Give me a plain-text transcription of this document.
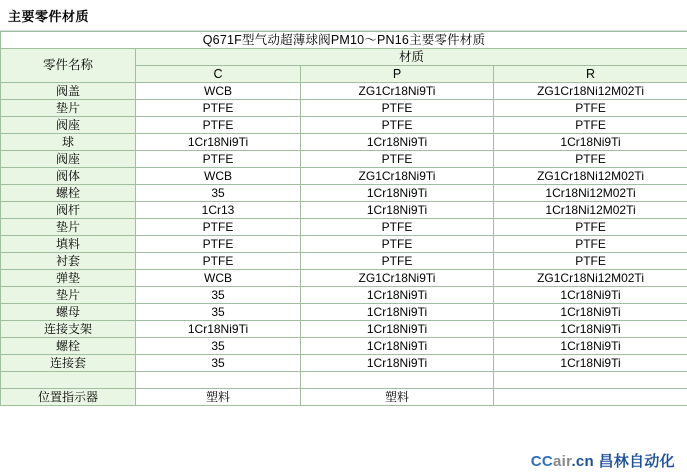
主要零件材质
Q671F型气动超薄球阀PM10～PN16主要零件材质			
零件名称	材质		
	C	P	R
阀盖	WCB	ZG1Cr18Ni9Ti	ZG1Cr18Ni12M02Ti
垫片	PTFE	PTFE	PTFE
阀座	PTFE	PTFE	PTFE
球	1Cr18Ni9Ti	1Cr18Ni9Ti	1Cr18Ni9Ti
阀座	PTFE	PTFE	PTFE
阀体	WCB	ZG1Cr18Ni9Ti	ZG1Cr18Ni12M02Ti
螺栓	35	1Cr18Ni9Ti	1Cr18Ni12M02Ti
阀杆	1Cr13	1Cr18Ni9Ti	1Cr18Ni12M02Ti
垫片	PTFE	PTFE	PTFE
填料	PTFE	PTFE	PTFE
衬套	PTFE	PTFE	PTFE
弹垫	WCB	ZG1Cr18Ni9Ti	ZG1Cr18Ni12M02Ti
垫片	35	1Cr18Ni9Ti	1Cr18Ni9Ti
螺母	35	1Cr18Ni9Ti	1Cr18Ni9Ti
连接支架	1Cr18Ni9Ti	1Cr18Ni9Ti	1Cr18Ni9Ti
螺栓	35	1Cr18Ni9Ti	1Cr18Ni9Ti
连接套	35	1Cr18Ni9Ti	1Cr18Ni9Ti

位置指示器	塑料	塑料	
CCair.cn 昌林自动化
